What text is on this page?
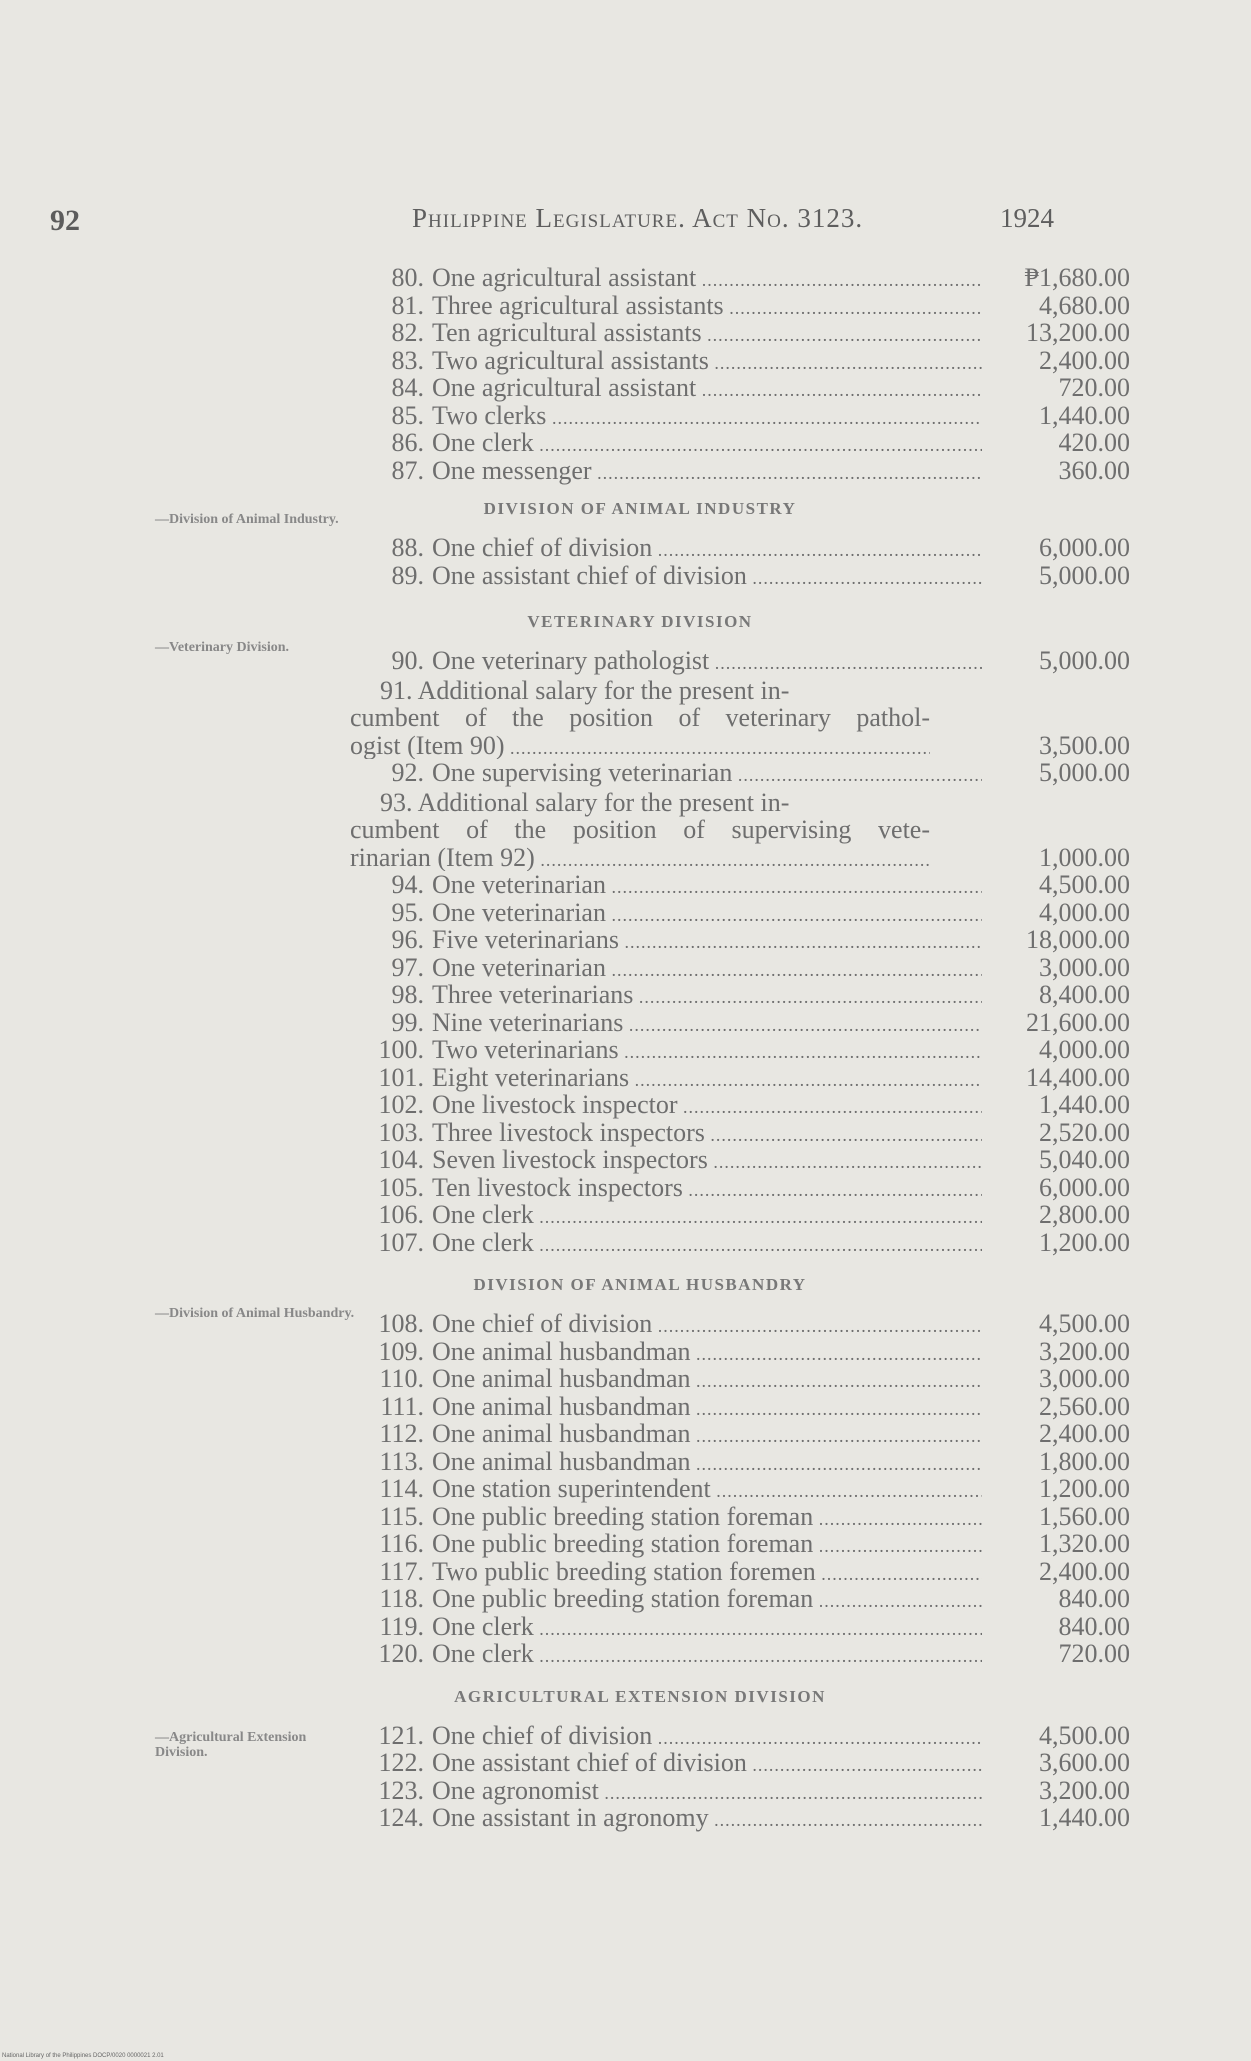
92	Philippine Legislature. Act No. 3123.	1924
—Division of Animal Industry.
—Veterinary Division.
—Division of Animal Husbandry.
—Agricultural Extension Division.
80. One agricultural assistant .....	₱1,680.00
81. Three agricultural assistants .....	4,680.00
82. Ten agricultural assistants .....	13,200.00
83. Two agricultural assistants .....	2,400.00
84. One agricultural assistant .....	720.00
85. Two clerks .....	1,440.00
86. One clerk .....	420.00
87. One messenger .....	360.00
DIVISION OF ANIMAL INDUSTRY
88. One chief of division .....	6,000.00
89. One assistant chief of division .....	5,000.00
VETERINARY DIVISION
90. One veterinary pathologist .....	5,000.00
91. Additional salary for the present in-
cumbent of the position of veterinary pathol-
ogist (Item 90) .....	3,500.00
92. One supervising veterinarian .....	5,000.00
93. Additional salary for the present in-
cumbent of the position of supervising vete-
rinarian (Item 92) .....	1,000.00
94. One veterinarian .....	4,500.00
95. One veterinarian .....	4,000.00
96. Five veterinarians .....	18,000.00
97. One veterinarian .....	3,000.00
98. Three veterinarians .....	8,400.00
99. Nine veterinarians .....	21,600.00
100. Two veterinarians .....	4,000.00
101. Eight veterinarians .....	14,400.00
102. One livestock inspector .....	1,440.00
103. Three livestock inspectors .....	2,520.00
104. Seven livestock inspectors .....	5,040.00
105. Ten livestock inspectors .....	6,000.00
106. One clerk .....	2,800.00
107. One clerk .....	1,200.00
DIVISION OF ANIMAL HUSBANDRY
108. One chief of division .....	4,500.00
109. One animal husbandman .....	3,200.00
110. One animal husbandman .....	3,000.00
111. One animal husbandman .....	2,560.00
112. One animal husbandman .....	2,400.00
113. One animal husbandman .....	1,800.00
114. One station superintendent .....	1,200.00
115. One public breeding station foreman .....	1,560.00
116. One public breeding station foreman .....	1,320.00
117. Two public breeding station foremen .....	2,400.00
118. One public breeding station foreman .....	840.00
119. One clerk .....	840.00
120. One clerk .....	720.00
AGRICULTURAL EXTENSION DIVISION
121. One chief of division .....	4,500.00
122. One assistant chief of division .....	3,600.00
123. One agronomist .....	3,200.00
124. One assistant in agronomy .....	1,440.00
National Library of the Philippines DOCP/0020 0000021 2.01
